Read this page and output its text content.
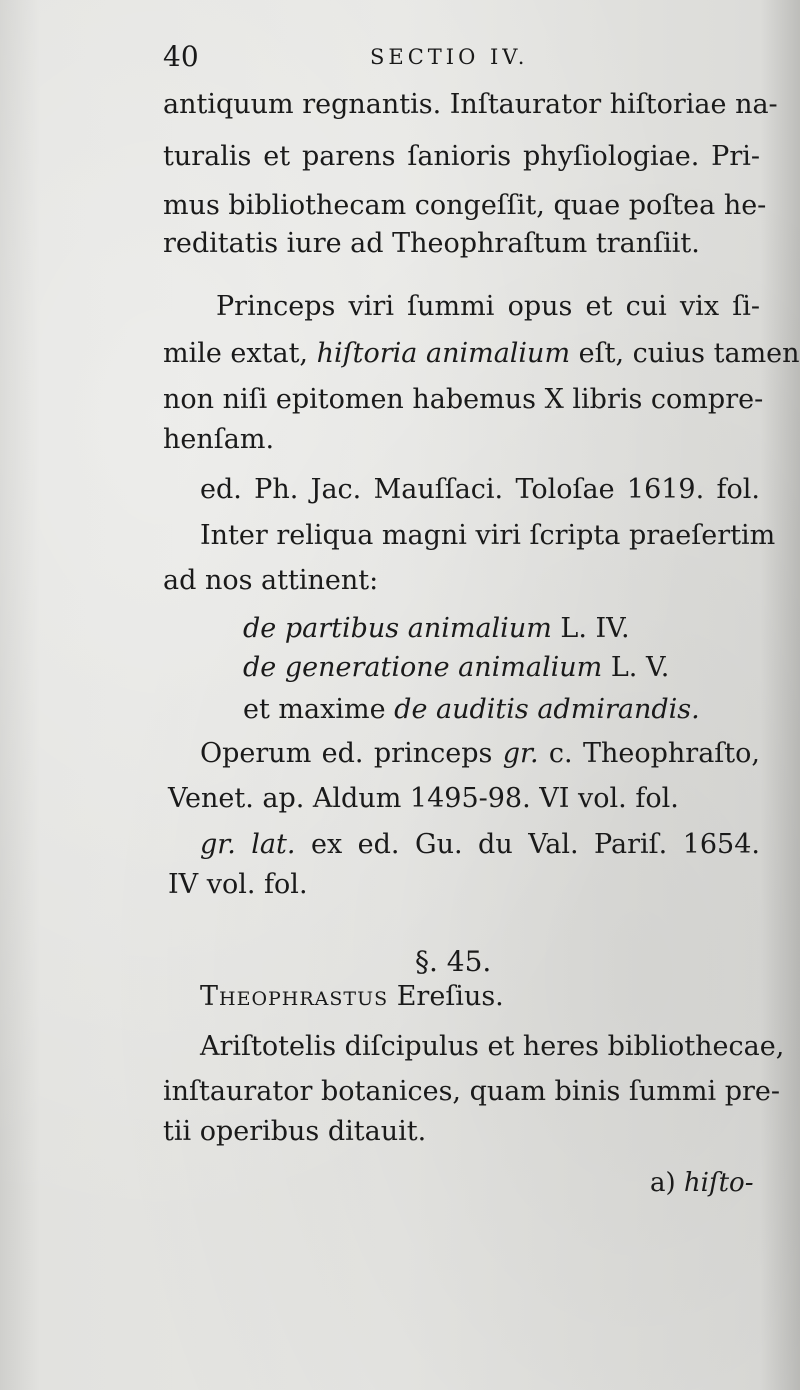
40	SECTIO IV.
antiquum regnantis. Inſtaurator hiſtoriae na-
turalis et parens ſanioris phyſiologiae. Pri-
mus bibliothecam congeſſit, quae poſtea he-
reditatis iure ad Theophraſtum tranſiit.
Princeps viri ſummi opus et cui vix ſi-
mile extat, hiſtoria animalium eſt, cuius tamen
non niſi epitomen habemus X libris compre-
henſam.
ed. Ph. Jac. Mauſſaci. Toloſae 1619. fol.
Inter reliqua magni viri ſcripta praeſertim
ad nos attinent:
de partibus animalium L. IV.
de generatione animalium L. V.
et maxime de auditis admirandis.
Operum ed. princeps gr. c. Theophraſto,
Venet. ap. Aldum 1495-98. VI vol. fol.
gr. lat. ex ed. Gu. du Val. Pariſ. 1654.
IV vol. fol.
§. 45.
Theophrastus Ereſius.
Ariſtotelis diſcipulus et heres bibliothecae,
inſtaurator botanices, quam binis ſummi pre-
tii operibus ditauit.
a) hiſto-
